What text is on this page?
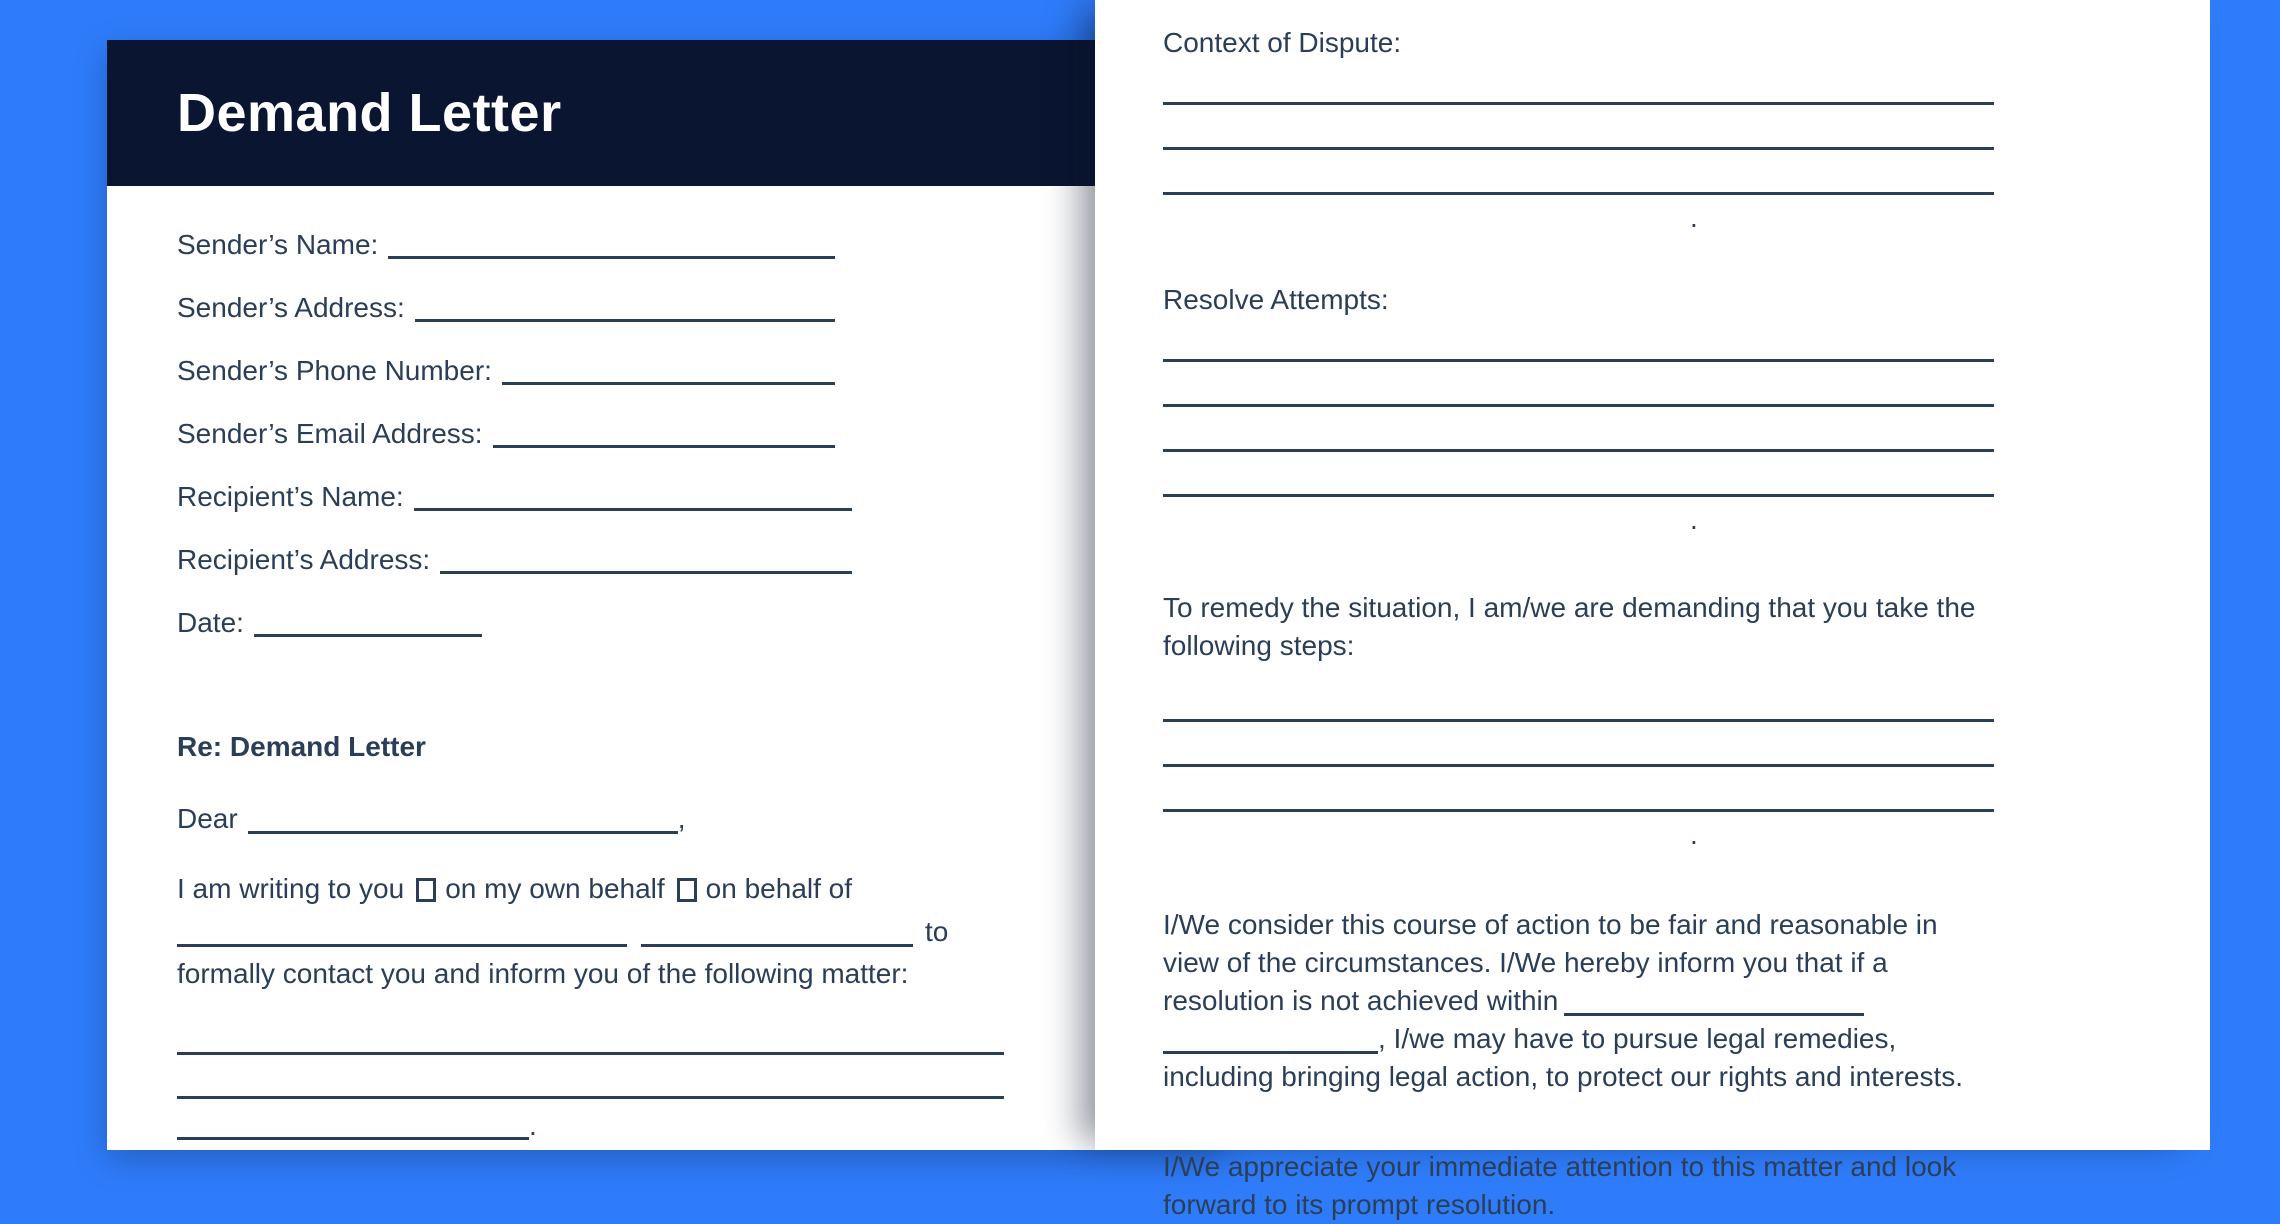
Demand Letter
Sender’s Name:
Sender’s Address:
Sender’s Phone Number:
Sender’s Email Address:
Recipient’s Name:
Recipient’s Address:
Date:

Re: Demand Letter

Dear	,

I am writing to you on my own behalf on behalf of

to

formally contact you and inform you of the following matter:

.

Context of Dispute:

.

Resolve Attempts:

.

To remedy the situation, I am/we are demanding that you take the following steps:

.

I/We consider this course of action to be fair and reasonable in view of the circumstances. I/We hereby inform you that if a resolution is not achieved within, I/we may have to pursue legal remedies, including bringing legal action, to protect our rights and interests.

I/We appreciate your immediate attention to this matter and look forward to its prompt resolution.
